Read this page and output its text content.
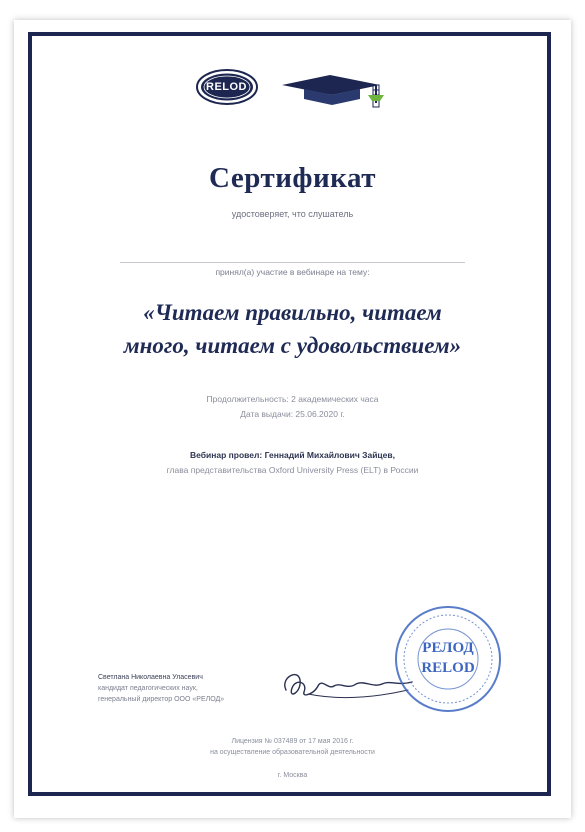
RELOD
Сертификат
удостоверяет, что слушатель
принял(а) участие в вебинаре на тему:
«Читаем правильно, читаем
много, читаем с удовольствием»
Продолжительность: 2 академических часа
Дата выдачи: 25.06.2020 г.
Вебинар провел: Геннадий Михайлович Зайцев,
глава представительства Oxford University Press (ELT) в России
Светлана Николаевна Уласевич
кандидат педагогических наук,
генеральный директор ООО «РЕЛОД»
РЕЛОД
RELOD
Лицензия № 037489 от 17 мая 2016 г.
на осуществление образовательной деятельности
г. Москва
